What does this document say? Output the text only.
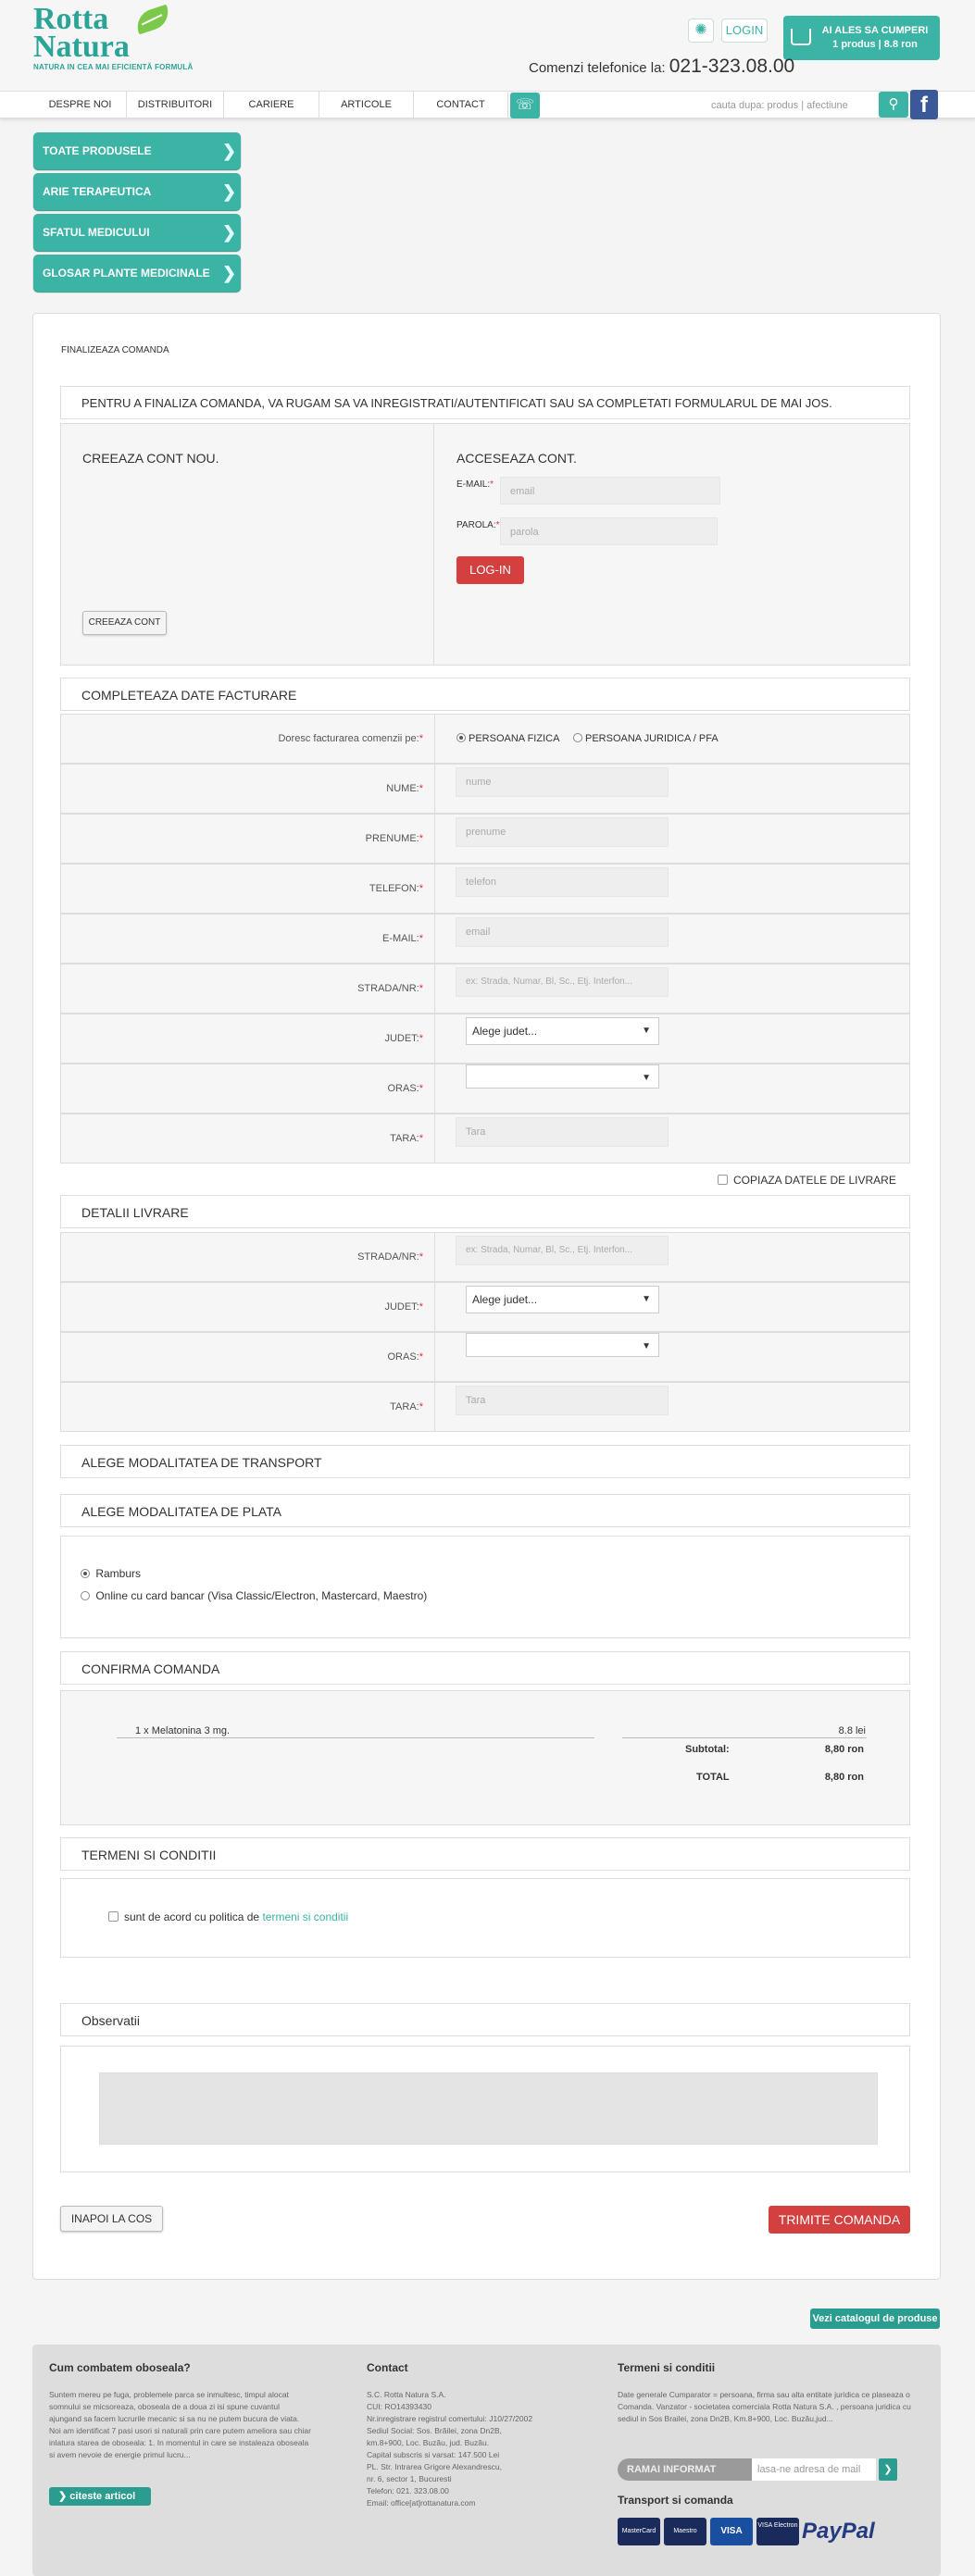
Rotta
Natura
NATURA IN CEA MAI EFICIENTĂ FORMULĂ
✺	LOGIN	AI ALES SA CUMPERI
1 produs | 8.8 ron
Comenzi telefonice la: 021-323.08.00
DESPRE NOI	DISTRIBUITORI	CARIERE	ARTICOLE	CONTACT	☏	cauta dupa: produs | afectiune	⚲ f
TOATE PRODUSELE	❯
ARIE TERAPEUTICA	❯
SFATUL MEDICULUI	❯
GLOSAR PLANTE MEDICINALE ❯
FINALIZEAZA COMANDA
PENTRU A FINALIZA COMANDA, VA RUGAM SA VA INREGISTRATI/AUTENTIFICATI SAU SA COMPLETATI FORMULARUL DE MAI JOS.
CREEAZA CONT NOU.
CREEAZA CONT
ACCESEAZA CONT.
E-MAIL:*
email
PAROLA:*
parola
LOG-IN
COMPLETEAZA DATE FACTURARE
Doresc facturarea comenzii pe:*	PERSOANA FIZICA	PERSOANA JURIDICA / PFA
NUME:*
nume
PRENUME:*
prenume
TELEFON:*
telefon
E-MAIL:*
email
STRADA/NR:*
ex: Strada, Numar, Bl, Sc., Etj. Interfon...
JUDET:*
Alege judet...	▼
ORAS:*
▼
TARA:*
Tara
COPIAZA DATELE DE LIVRARE
DETALII LIVRARE
STRADA/NR:*
ex: Strada, Numar, Bl, Sc., Etj. Interfon...
JUDET:*
Alege judet...	▼
ORAS:*
▼
TARA:*
Tara
ALEGE MODALITATEA DE TRANSPORT
ALEGE MODALITATEA DE PLATA
Ramburs
Online cu card bancar (Visa Classic/Electron, Mastercard, Maestro)
CONFIRMA COMANDA
1 x Melatonina 3 mg.	8.8 lei
Subtotal:	8,80 ron
TOTAL	8,80 ron
TERMENI SI CONDITII
sunt de acord cu politica de termeni si conditii
Observatii
INAPOI LA COS	TRIMITE COMANDA
Vezi catalogul de produse
Cum combatem oboseala?
Suntem mereu pe fuga, problemele parca se inmultesc, timpul alocat somnului se micsoreaza, oboseala de a doua zi isi spune cuvantul ajungand sa facem lucrurile mecanic si sa nu ne putem bucura de viata. Noi am identificat 7 pasi usori si naturali prin care putem ameliora sau chiar inlatura starea de oboseala: 1. In momentul in care se instaleaza oboseala si avem nevoie de energie primul lucru...
❯ citeste articol
Contact
S.C. Rotta Natura S.A.
CUI: RO14393430
Nr.inregistrare registrul comertului: J10/27/2002
Sediul Social: Sos. Brăilei, zona Dn2B,
km.8+900, Loc. Buzău, jud. Buzău.
Capital subscris si varsat: 147.500 Lei
PL. Str. Intrarea Grigore Alexandrescu,
nr. 6, sector 1, Bucuresti
Telefon: 021. 323.08.00
Email: office[at]rottanatura.com
Termeni si conditii
Date generale Cumparator = persoana, firma sau alta entitate juridica ce plaseaza o Comanda. Vanzator - societatea comerciala Rotta Natura S.A. , persoana juridica cu sediul in Sos Brailei, zona Dn2B, Km.8+900, Loc. Buzău,jud...
RAMAI INFORMAT	lasa-ne adresa de mail	❯
Transport si comanda
MasterCard	Maestro	VISA
VISA Electron PayPal
